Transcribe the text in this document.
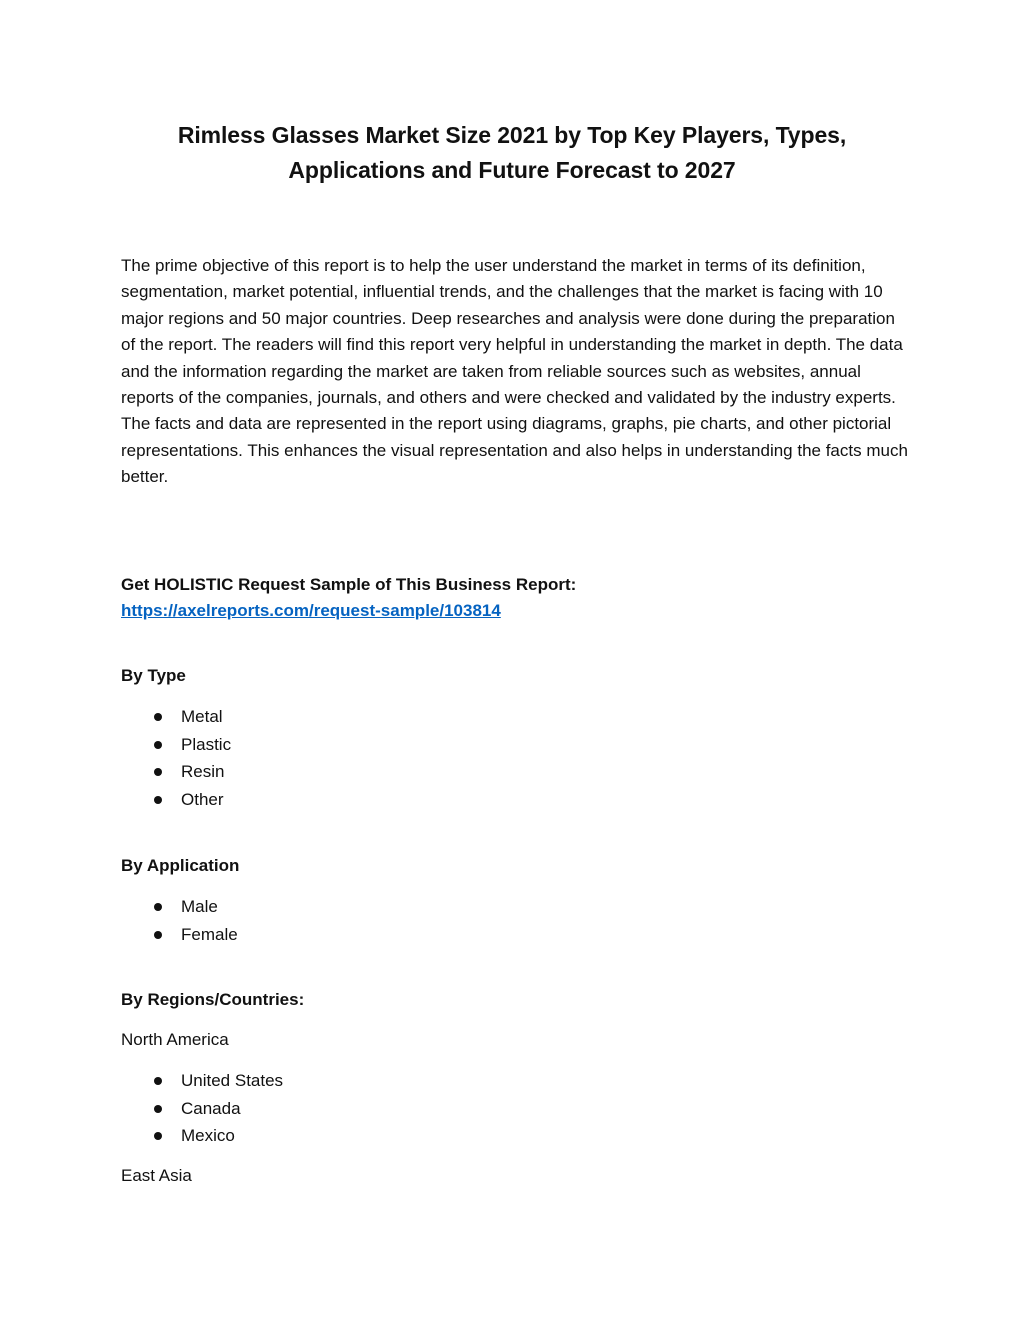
Rimless Glasses Market Size 2021 by Top Key Players, Types,
Applications and Future Forecast to 2027

The prime objective of this report is to help the user understand the market in terms of its definition, segmentation, market potential, influential trends, and the challenges that the market is facing with 10 major regions and 50 major countries. Deep researches and analysis were done during the preparation of the report. The readers will find this report very helpful in understanding the market in depth. The data and the information regarding the market are taken from reliable sources such as websites, annual reports of the companies, journals, and others and were checked and validated by the industry experts. The facts and data are represented in the report using diagrams, graphs, pie charts, and other pictorial representations. This enhances the visual representation and also helps in understanding the facts much better.

Get HOLISTIC Request Sample of This Business Report:

https://axelreports.com/request-sample/103814

By Type

Metal
Plastic
Resin
Other

By Application

Male
Female

By Regions/Countries:

North America

United States
Canada
Mexico

East Asia
